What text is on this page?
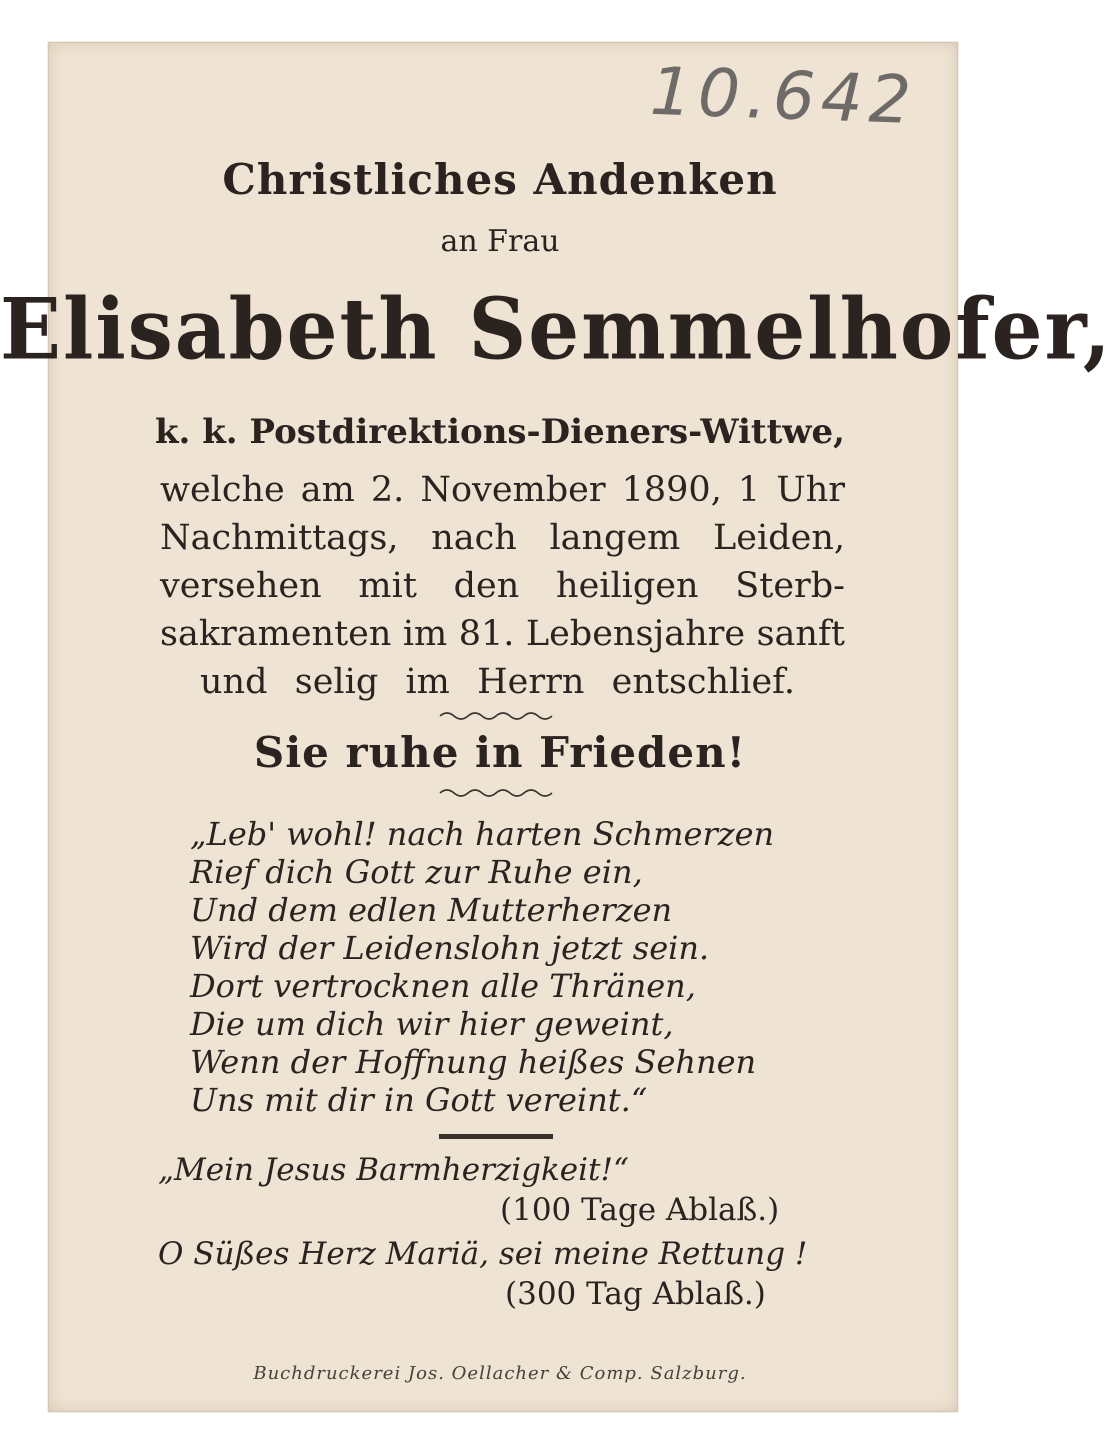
10.642
Christliches Andenken
an Frau
Elisabeth Semmelhofer,
k. k. Postdirektions-Dieners-Wittwe,
welche am 2. November 1890, 1 Uhr
Nachmittags, nach langem Leiden,
versehen mit den heiligen Sterb-
sakramenten im 81. Lebensjahre sanft
und selig im Herrn entschlief.
Sie ruhe in Frieden!
„Leb' wohl! nach harten Schmerzen
Rief dich Gott zur Ruhe ein,
Und dem edlen Mutterherzen
Wird der Leidenslohn jetzt sein.
Dort vertrocknen alle Thränen,
Die um dich wir hier geweint,
Wenn der Hoffnung heißes Sehnen
Uns mit dir in Gott vereint.“
„Mein Jesus Barmherzigkeit!“
(100 Tage Ablaß.)
O Süßes Herz Mariä, sei meine Rettung !
(300 Tag Ablaß.)
Buchdruckerei Jos. Oellacher & Comp. Salzburg.
